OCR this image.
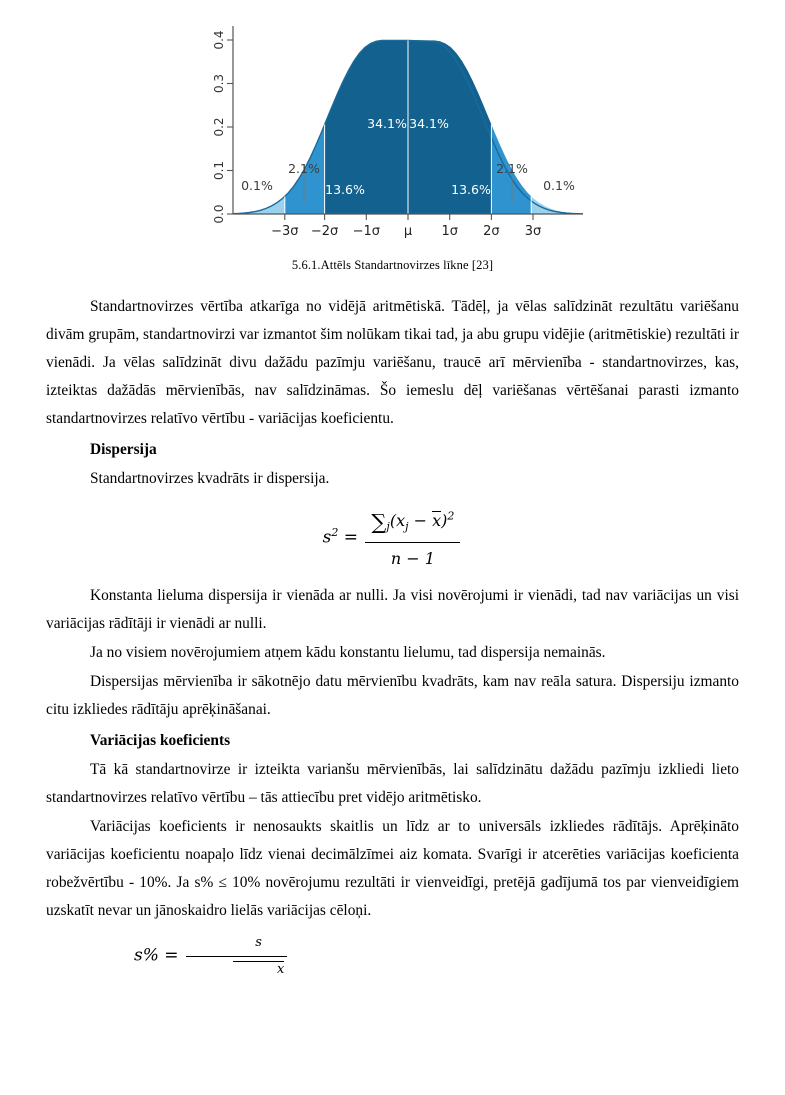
0.0
0.1
0.2
0.3
0.4
−3σ −2σ −1σ μ 1σ 2σ 3σ
0.1%
2.1%
13.6%
34.1% 34.1%
13.6%
2.1%
0.1%
5.6.1.Attēls Standartnovirzes līkne [23]

Standartnovirzes vērtība atkarīga no vidējā aritmētiskā. Tādēļ, ja vēlas salīdzināt rezultātu variēšanu divām grupām, standartnovirzi var izmantot šim nolūkam tikai tad, ja abu grupu vidējie (aritmētiskie) rezultāti ir vienādi. Ja vēlas salīdzināt divu dažādu pazīmju variēšanu, traucē arī mērvienība - standartnovirzes, kas, izteiktas dažādās mērvienībās, nav salīdzināmas. Šo iemeslu dēļ variēšanas vērtēšanai parasti izmanto standartnovirzes relatīvo vērtību - variācijas koeficientu.

Dispersija

Standartnovirzes kvadrāts ir dispersija.

$s^2 = \frac{\sum_j(x_j - x)^2}{n - 1}$

Konstanta lieluma dispersija ir vienāda ar nulli. Ja visi novērojumi ir vienādi, tad nav variācijas un visi variācijas rādītāji ir vienādi ar nulli.

Ja no visiem novērojumiem atņem kādu konstantu lielumu, tad dispersija nemainās.

Dispersijas mērvienība ir sākotnējo datu mērvienību kvadrāts, kam nav reāla satura. Dispersiju izmanto citu izkliedes rādītāju aprēķināšanai.

Variācijas koeficients

Tā kā standartnovirze ir izteikta varianšu mērvienībās, lai salīdzinātu dažādu pazīmju izkliedi lieto standartnovirzes relatīvo vērtību – tās attiecību pret vidējo aritmētisko.

Variācijas koeficients ir nenosaukts skaitlis un līdz ar to universāls izkliedes rādītājs. Aprēķināto variācijas koeficientu noapaļo līdz vienai decimālzīmei aiz komata. Svarīgi ir atcerēties variācijas koeficienta robežvērtību - 10%. Ja s% ≤ 10% novērojumu rezultāti ir vienveidīgi, pretējā gadījumā tos par vienveidīgiem uzskatīt nevar un jānoskaidro lielās variācijas cēloņi.

$s\% = \frac{s}{x}$
